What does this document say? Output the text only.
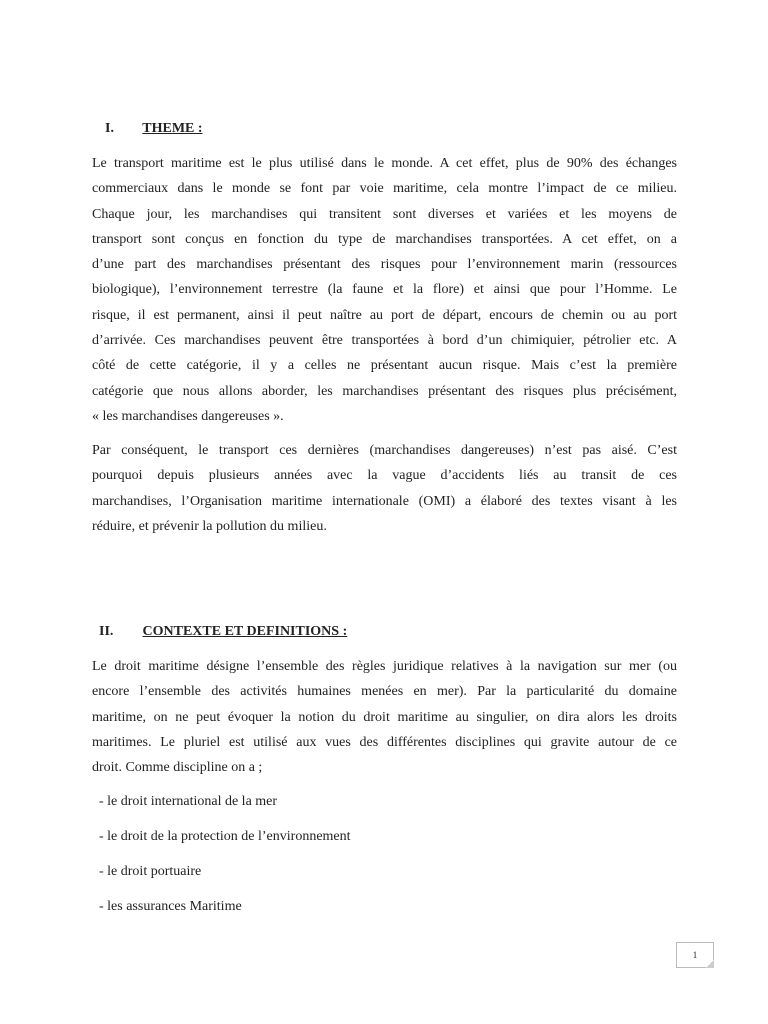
I. THEME :

Le transport maritime est le plus utilisé dans le monde. A cet effet, plus de 90% des échanges
commerciaux dans le monde se font par voie maritime, cela montre l’impact de ce milieu.
Chaque jour, les marchandises qui transitent sont diverses et variées et les moyens de
transport sont conçus en fonction du type de marchandises transportées. A cet effet, on a
d’une part des marchandises présentant des risques pour l’environnement marin (ressources
biologique), l’environnement terrestre (la faune et la flore) et ainsi que pour l’Homme. Le
risque, il est permanent, ainsi il peut naître au port de départ, encours de chemin ou au port
d’arrivée. Ces marchandises peuvent être transportées à bord d’un chimiquier, pétrolier etc. A
côté de cette catégorie, il y a celles ne présentant aucun risque. Mais c’est la première
catégorie que nous allons aborder, les marchandises présentant des risques plus précisément,
« les marchandises dangereuses ».

Par conséquent, le transport ces dernières (marchandises dangereuses) n’est pas aisé. C’est
pourquoi depuis plusieurs années avec la vague d’accidents liés au transit de ces
marchandises, l’Organisation maritime internationale (OMI) a élaboré des textes visant à les
réduire, et prévenir la pollution du milieu.

II. CONTEXTE ET DEFINITIONS :

Le droit maritime désigne l’ensemble des règles juridique relatives à la navigation sur mer (ou
encore l’ensemble des activités humaines menées en mer). Par la particularité du domaine
maritime, on ne peut évoquer la notion du droit maritime au singulier, on dira alors les droits
maritimes. Le pluriel est utilisé aux vues des différentes disciplines qui gravite autour de ce
droit. Comme discipline on a ;

- le droit international de la mer
- le droit de la protection de l’environnement
- le droit portuaire
- les assurances Maritime
1
